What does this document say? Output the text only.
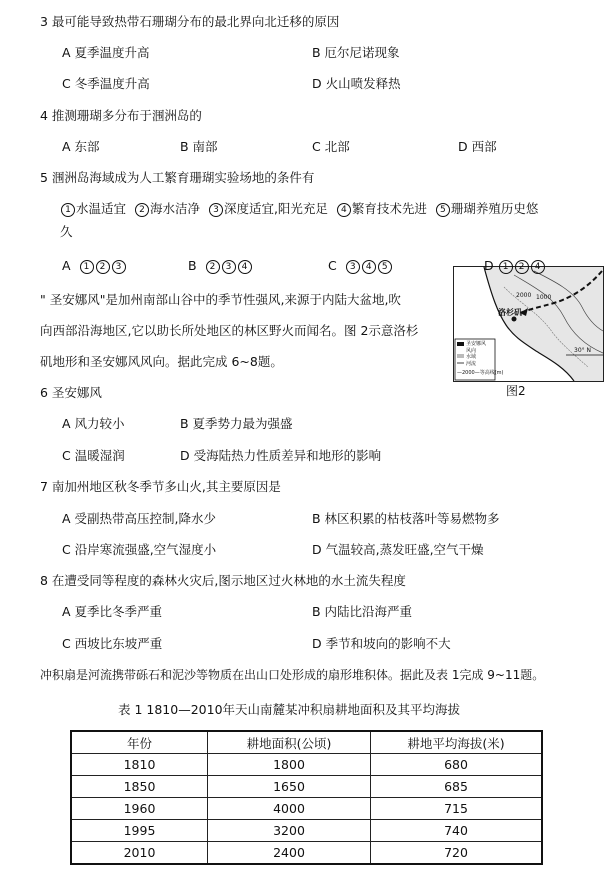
3 最可能导致热带石珊瑚分布的最北界向北迁移的原因
A 夏季温度升高	B 厄尔尼诺现象
C 冬季温度升高	D 火山喷发释热
4 推测珊瑚多分布于涠洲岛的
A 东部	B 南部	C 北部	D 西部
5 涠洲岛海域成为人工繁育珊瑚实验场地的条件有
1 水温适宜 2 海水洁净 3 深度适宜,阳光充足 4 繁育技术先进 5 珊瑚养殖历史悠
久
A 1 2 3	B 2 3 4	C 3 4 5	D 1 2 4
" 圣安娜风"是加州南部山谷中的季节性强风,来源于内陆大盆地,吹
向西部沿海地区,它以助长所处地区的林区野火而闻名。图 2示意洛杉
矶地形和圣安娜风风向。据此完成 6~8题。
2000 1000
洛杉矶
30° N
圣安娜风
风向
水域
河流
—2000—等高线(m)
图2
6 圣安娜风
A 风力较小	B 夏季势力最为强盛
C 温暖湿润	D 受海陆热力性质差异和地形的影响
7 南加州地区秋冬季节多山火,其主要原因是
A 受副热带高压控制,降水少	B 林区积累的枯枝落叶等易燃物多
C 沿岸寒流强盛,空气湿度小	D 气温较高,蒸发旺盛,空气干燥
8 在遭受同等程度的森林火灾后,图示地区过火林地的水土流失程度
A 夏季比冬季严重	B 内陆比沿海严重
C 西坡比东坡严重	D 季节和坡向的影响不大
冲积扇是河流携带砾石和泥沙等物质在出山口处形成的扇形堆积体。据此及表 1完成 9~11题。
表 1 1810—2010年天山南麓某冲积扇耕地面积及其平均海拔
年份	耕地面积(公顷)	耕地平均海拔(米)
1810	1800	680
1850	1650	685
1960	4000	715
1995	3200	740
2010	2400	720
